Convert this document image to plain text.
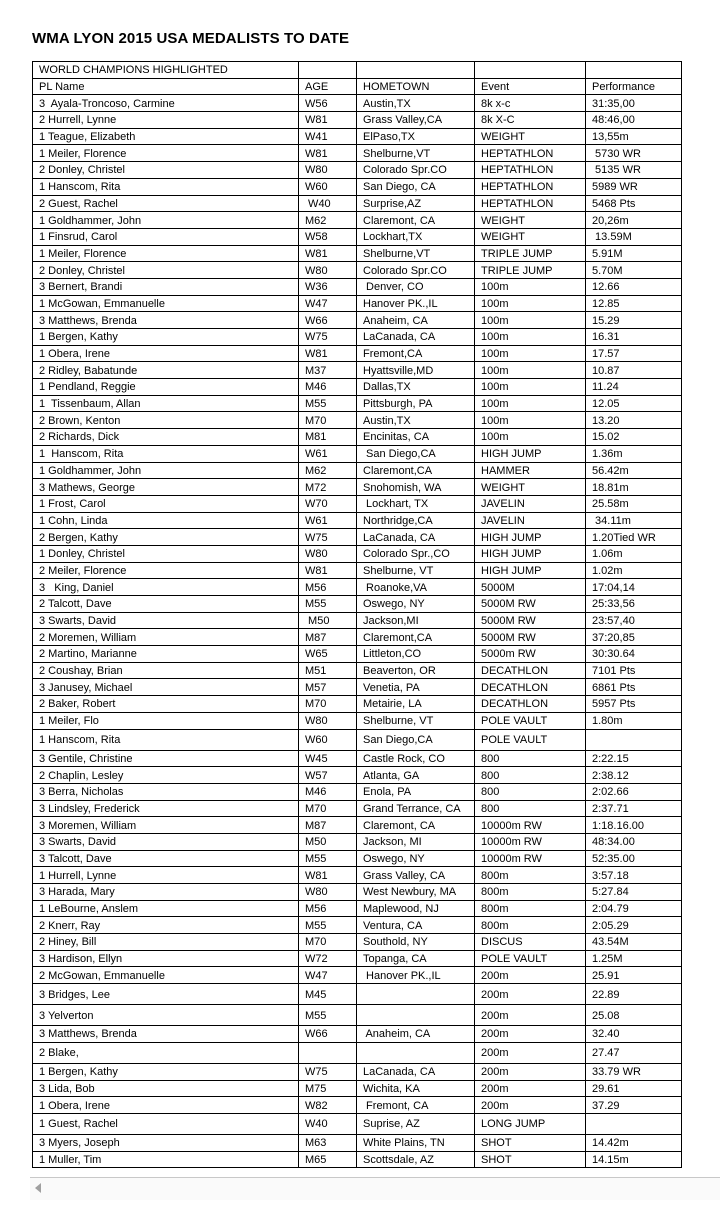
WMA LYON 2015 USA MEDALISTS TO DATE
WORLD CHAMPIONS HIGHLIGHTED				
PL Name	AGE	HOMETOWN	Event	Performance
3  Ayala-Troncoso, Carmine	W56	Austin,TX	8k x-c	31:35,00
2 Hurrell, Lynne	W81	Grass Valley,CA	8k X-C	48:46,00
1 Teague, Elizabeth	W41	ElPaso,TX	WEIGHT	13,55m
1 Meiler, Florence	W81	Shelburne,VT	HEPTATHLON	5730 WR
2 Donley, Christel	W80	Colorado Spr.CO	HEPTATHLON	5135 WR
1 Hanscom, Rita	W60	San Diego, CA	HEPTATHLON	5989 WR
2 Guest, Rachel	W40	Surprise,AZ	HEPTATHLON	5468 Pts
1 Goldhammer, John	M62	Claremont, CA	WEIGHT	20,26m
1 Finsrud, Carol	W58	Lockhart,TX	WEIGHT	13.59M
1 Meiler, Florence	W81	Shelburne,VT	TRIPLE JUMP	5.91M
2 Donley, Christel	W80	Colorado Spr.CO	TRIPLE JUMP	5.70M
3 Bernert, Brandi	W36	Denver, CO	100m	12.66
1 McGowan, Emmanuelle	W47	Hanover PK.,IL	100m	12.85
3 Matthews, Brenda	W66	Anaheim, CA	100m	15.29
1 Bergen, Kathy	W75	LaCanada, CA	100m	16.31
1 Obera, Irene	W81	Fremont,CA	100m	17.57
2 Ridley, Babatunde	M37	Hyattsville,MD	100m	10.87
1 Pendland, Reggie	M46	Dallas,TX	100m	11.24
1  Tissenbaum, Allan	M55	Pittsburgh, PA	100m	12.05
2 Brown, Kenton	M70	Austin,TX	100m	13.20
2 Richards, Dick	M81	Encinitas, CA	100m	15.02
1  Hanscom, Rita	W61	San Diego,CA	HIGH JUMP	1.36m
1 Goldhammer, John	M62	Claremont,CA	HAMMER	56.42m
3 Mathews, George	M72	Snohomish, WA	WEIGHT	18.81m
1 Frost, Carol	W70	Lockhart, TX	JAVELIN	25.58m
1 Cohn, Linda	W61	Northridge,CA	JAVELIN	34.11m
2 Bergen, Kathy	W75	LaCanada, CA	HIGH JUMP	1.20Tied WR
1 Donley, Christel	W80	Colorado Spr.,CO	HIGH JUMP	1.06m
2 Meiler, Florence	W81	Shelburne, VT	HIGH JUMP	1.02m
3   King, Daniel	M56	Roanoke,VA	5000M	17:04,14
2 Talcott, Dave	M55	Oswego, NY	5000M RW	25:33,56
3 Swarts, David	M50	Jackson,MI	5000M RW	23:57,40
2 Moremen, William	M87	Claremont,CA	5000M RW	37:20,85
2 Martino, Marianne	W65	Littleton,CO	5000m RW	30:30.64
2 Coushay, Brian	M51	Beaverton, OR	DECATHLON	7101 Pts
3 Janusey, Michael	M57	Venetia, PA	DECATHLON	6861 Pts
2 Baker, Robert	M70	Metairie, LA	DECATHLON	5957 Pts
1 Meiler, Flo	W80	Shelburne, VT	POLE VAULT	1.80m
1 Hanscom, Rita	W60	San Diego,CA	POLE VAULT	
3 Gentile, Christine	W45	Castle Rock, CO	800	2:22.15
2 Chaplin, Lesley	W57	Atlanta, GA	800	2:38.12
3 Berra, Nicholas	M46	Enola, PA	800	2:02.66
3 Lindsley, Frederick	M70	Grand Terrance, CA	800	2:37.71
3 Moremen, William	M87	Claremont, CA	10000m RW	1:18.16.00
3 Swarts, David	M50	Jackson, MI	10000m RW	48:34.00
3 Talcott, Dave	M55	Oswego, NY	10000m RW	52:35.00
1 Hurrell, Lynne	W81	Grass Valley, CA	800m	3:57.18
3 Harada, Mary	W80	West Newbury, MA	800m	5:27.84
1 LeBourne, Anslem	M56	Maplewood, NJ	800m	2:04.79
2 Knerr, Ray	M55	Ventura, CA	800m	2:05.29
2 Hiney, Bill	M70	Southold, NY	DISCUS	43.54M
3 Hardison, Ellyn	W72	Topanga, CA	POLE VAULT	1.25M
2 McGowan, Emmanuelle	W47	Hanover PK.,IL	200m	25.91
3 Bridges, Lee	M45		200m	22.89
3 Yelverton	M55		200m	25.08
3 Matthews, Brenda	W66	Anaheim, CA	200m	32.40
2 Blake,			200m	27.47
1 Bergen, Kathy	W75	LaCanada, CA	200m	33.79 WR
3 Lida, Bob	M75	Wichita, KA	200m	29.61
1 Obera, Irene	W82	Fremont, CA	200m	37.29
1 Guest, Rachel	W40	Suprise, AZ	LONG JUMP	
3 Myers, Joseph	M63	White Plains, TN	SHOT	14.42m
1 Muller, Tim	M65	Scottsdale, AZ	SHOT	14.15m
